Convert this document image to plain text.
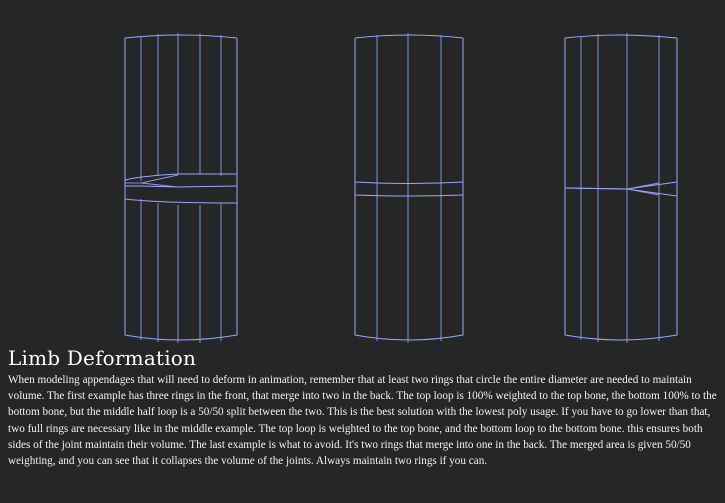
Limb Deformation

When modeling appendages that will need to deform in animation, remember that at least two rings that circle the entire diameter are needed to maintain volume. The first example has three rings in the front, that merge into two in the back. The top loop is 100% weighted to the top bone, the bottom 100% to the bottom bone, but the middle half loop is a 50/50 split between the two. This is the best solution with the lowest poly usage. If you have to go lower than that, two full rings are necessary like in the middle example. The top loop is weighted to the top bone, and the bottom loop to the bottom bone. this ensures both sides of the joint maintain their volume. The last example is what to avoid. It's two rings that merge into one in the back. The merged area is given 50/50 weighting, and you can see that it collapses the volume of the joints. Always maintain two rings if you can.
